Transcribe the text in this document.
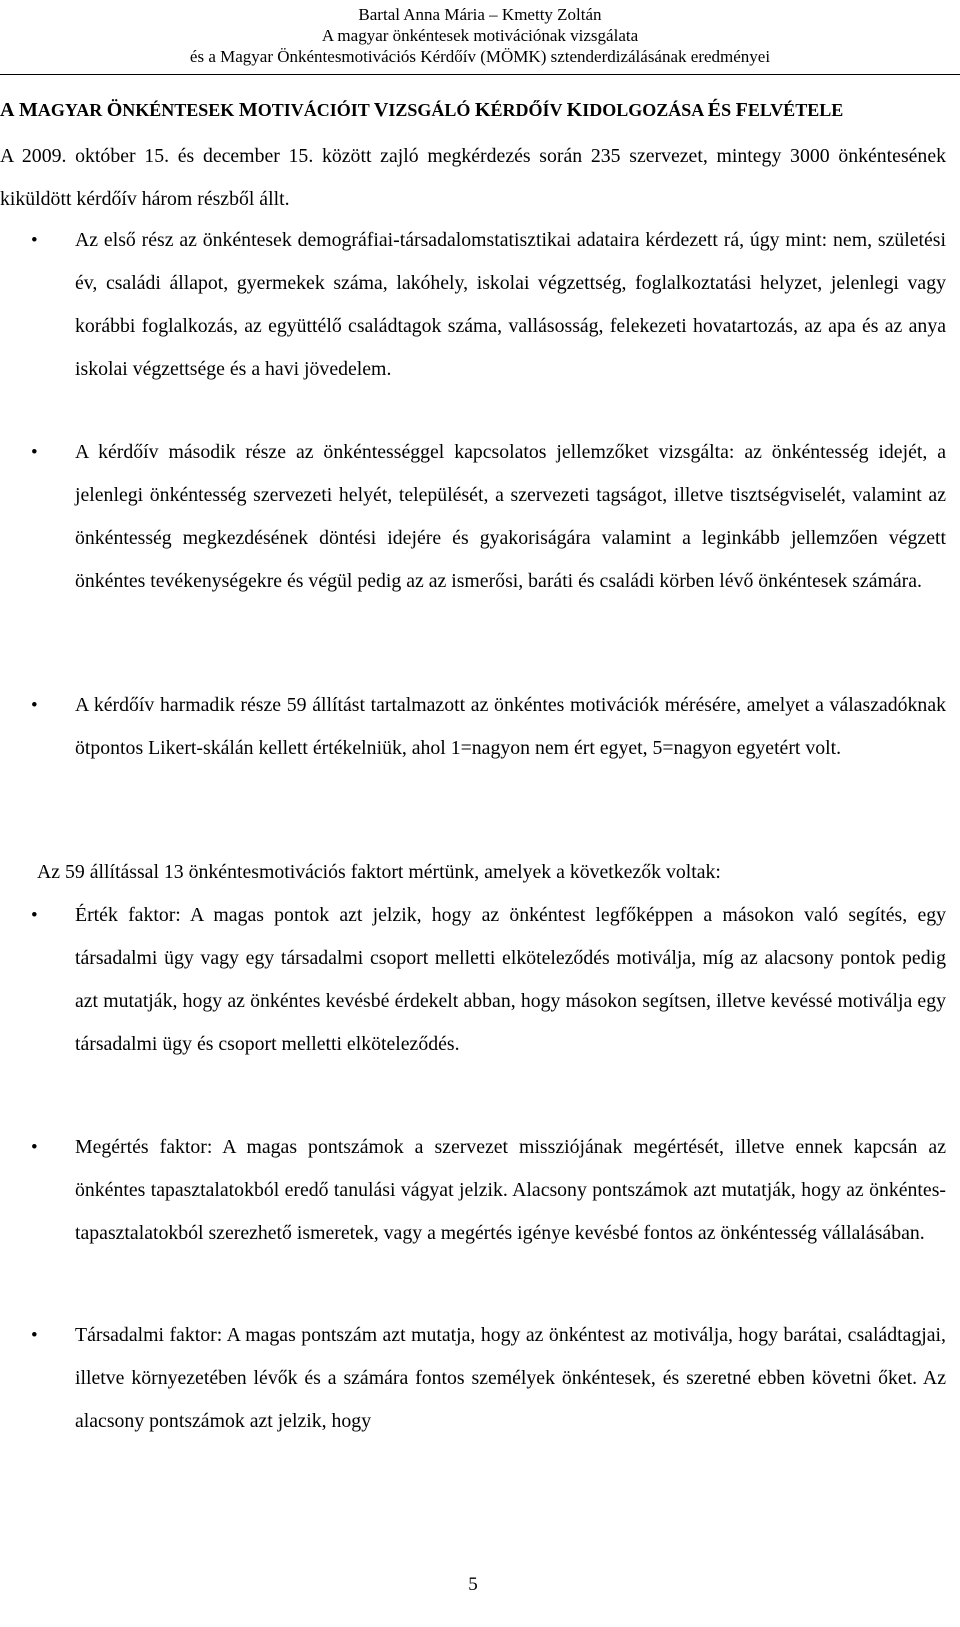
Bartal Anna Mária – Kmetty Zoltán
A magyar önkéntesek motivációnak vizsgálata
és a Magyar Önkéntesmotivációs Kérdőív (MÖMK) sztenderdizálásának eredményei
A MAGYAR ÖNKÉNTESEK MOTIVÁCIÓIT VIZSGÁLÓ KÉRDŐÍV KIDOLGOZÁSA ÉS FELVÉTELE
A 2009. október 15. és december 15. között zajló megkérdezés során 235 szervezet, mintegy 3000 önkéntesének kiküldött kérdőív három részből állt.
• Az első rész az önkéntesek demográfiai-társadalomstatisztikai adataira kérdezett rá, úgy mint: nem, születési év, családi állapot, gyermekek száma, lakóhely, iskolai végzettség, foglalkoztatási helyzet, jelenlegi vagy korábbi foglalkozás, az együttélő családtagok száma, vallásosság, felekezeti hovatartozás, az apa és az anya iskolai végzettsége és a havi jövedelem.
• A kérdőív második része az önkéntességgel kapcsolatos jellemzőket vizsgálta: az önkéntesség idejét, a jelenlegi önkéntesség szervezeti helyét, települését, a szervezeti tagságot, illetve tisztségviselét, valamint az önkéntesség megkezdésének döntési idejére és gyakoriságára valamint a leginkább jellemzően végzett önkéntes tevékenységekre és végül pedig az az ismerősi, baráti és családi körben lévő önkéntesek számára.
• A kérdőív harmadik része 59 állítást tartalmazott az önkéntes motivációk mérésére, amelyet a válaszadóknak ötpontos Likert-skálán kellett értékelniük, ahol 1=nagyon nem ért egyet, 5=nagyon egyetért volt.
Az 59 állítással 13 önkéntesmotivációs faktort mértünk, amelyek a következők voltak:
• Érték faktor: A magas pontok azt jelzik, hogy az önkéntest legfőképpen a másokon való segítés, egy társadalmi ügy vagy egy társadalmi csoport melletti elköteleződés motiválja, míg az alacsony pontok pedig azt mutatják, hogy az önkéntes kevésbé érdekelt abban, hogy másokon segítsen, illetve kevéssé motiválja egy társadalmi ügy és csoport melletti elköteleződés.
• Megértés faktor: A magas pontszámok a szervezet missziójának megértését, illetve ennek kapcsán az önkéntes tapasztalatokból eredő tanulási vágyat jelzik. Alacsony pontszámok azt mutatják, hogy az önkéntes-tapasztalatokból szerezhető ismeretek, vagy a megértés igénye kevésbé fontos az önkéntesség vállalásában.
• Társadalmi faktor: A magas pontszám azt mutatja, hogy az önkéntest az motiválja, hogy barátai, családtagjai, illetve környezetében lévők és a számára fontos személyek önkéntesek, és szeretné ebben követni őket. Az alacsony pontszámok azt jelzik, hogy
5
